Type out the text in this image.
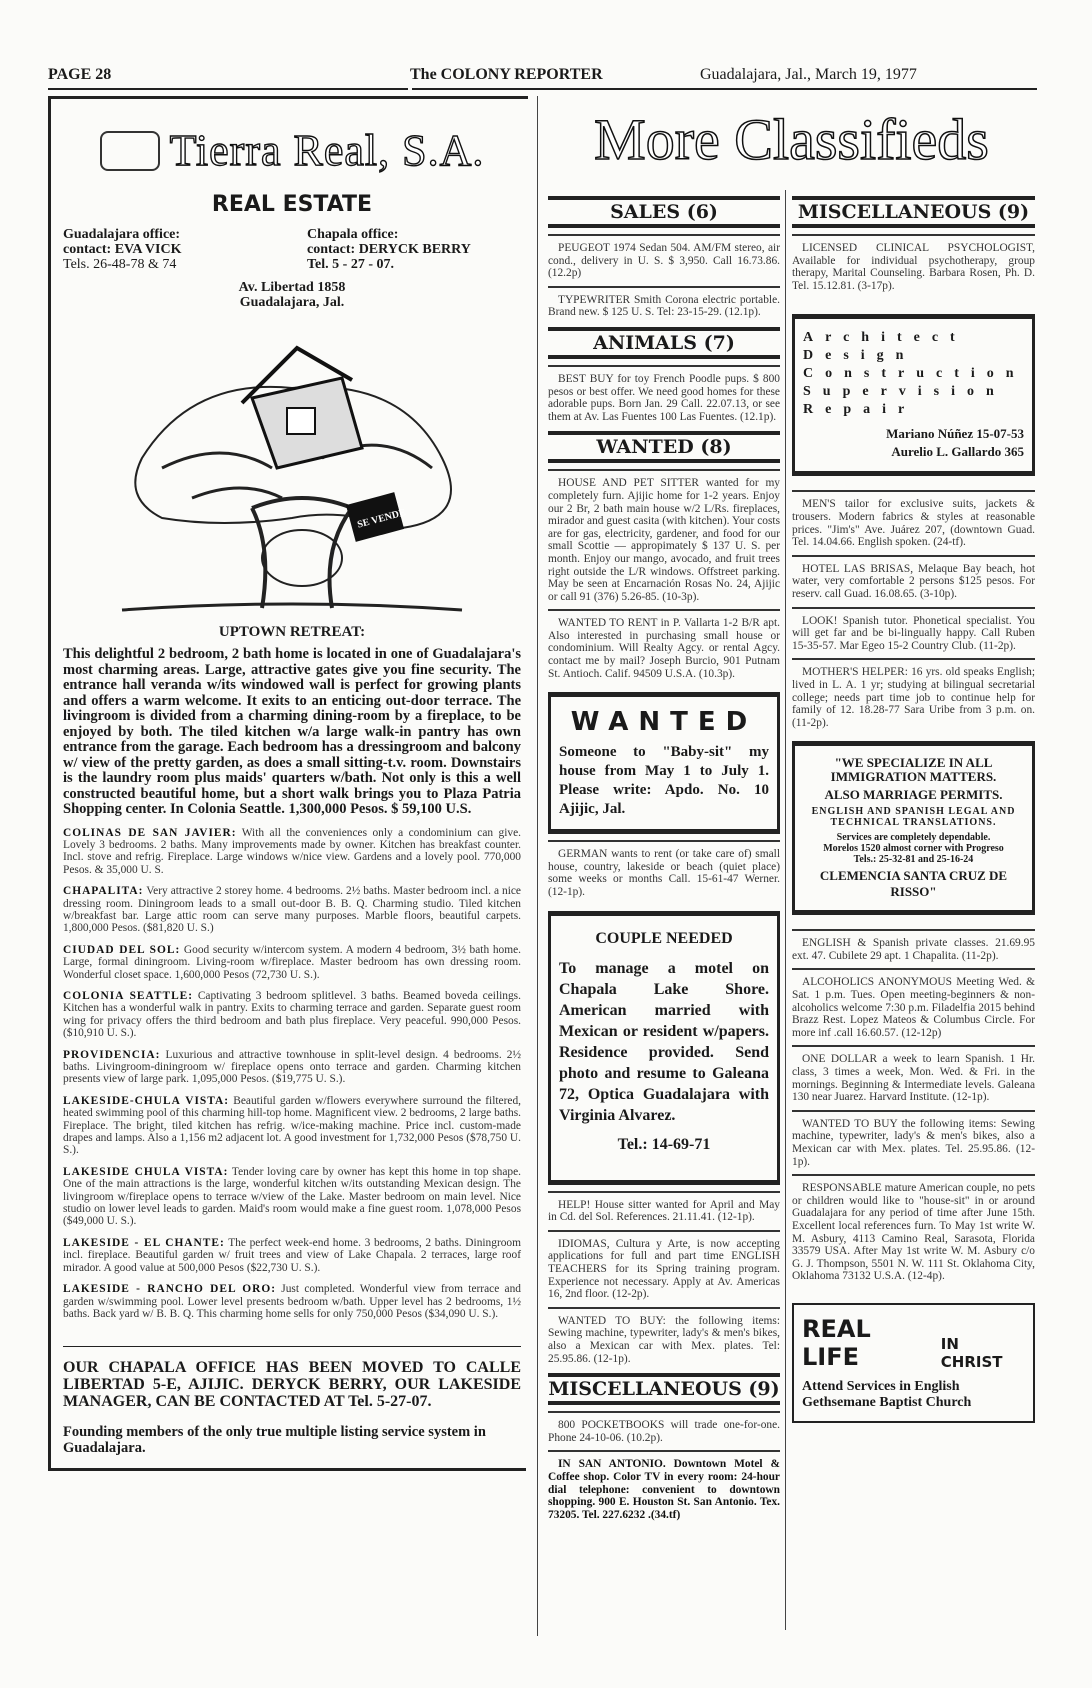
PAGE 28	The COLONY REPORTER	Guadalajara, Jal., March 19, 1977
Tierra Real, S.A.
REAL ESTATE
Guadalajara office:
contact: EVA VICK
Tels. 26-48-78 & 74
Chapala office:
contact: DERYCK BERRY
Tel. 5 - 27 - 07.
Av. Libertad 1858
Guadalajara, Jal.
SE VENDE
UPTOWN RETREAT:
This delightful 2 bedroom, 2 bath home is located in one of Guadalajara's most charming areas. Large, attractive gates give you fine security. The entrance hall veranda w/its windowed wall is perfect for growing plants and offers a warm welcome. It exits to an enticing out-door terrace. The livingroom is divided from a charming dining-room by a fireplace, to be enjoyed by both. The tiled kitchen w/a large walk-in pantry has own entrance from the garage. Each bedroom has a dressingroom and balcony w/ view of the pretty garden, as does a small sitting-t.v. room. Downstairs is the laundry room plus maids' quarters w/bath. Not only is this a well constructed beautiful home, but a short walk brings you to Plaza Patria Shopping center. In Colonia Seattle. 1,300,000 Pesos. $ 59,100 U.S.
COLINAS DE SAN JAVIER: With all the conveniences only a condominium can give. Lovely 3 bedrooms. 2 baths. Many improvements made by owner. Kitchen has breakfast counter. Incl. stove and refrig. Fireplace. Large windows w/nice view. Gardens and a lovely pool. 770,000 Pesos. & 35,000 U. S.
CHAPALITA: Very attractive 2 storey home. 4 bedrooms. 2½ baths. Master bedroom incl. a nice dressing room. Diningroom leads to a small out-door B. B. Q. Charming studio. Tiled kitchen w/breakfast bar. Large attic room can serve many purposes. Marble floors, beautiful carpets. 1,800,000 Pesos. ($81,820 U. S.)
CIUDAD DEL SOL: Good security w/intercom system. A modern 4 bedroom, 3½ bath home. Large, formal diningroom. Living-room w/fireplace. Master bedroom has own dressing room. Wonderful closet space. 1,600,000 Pesos (72,730 U. S.).
COLONIA SEATTLE: Captivating 3 bedroom splitlevel. 3 baths. Beamed boveda ceilings. Kitchen has a wonderful walk in pantry. Exits to charming terrace and garden. Separate guest room wing for privacy offers the third bedroom and bath plus fireplace. Very peaceful. 990,000 Pesos. ($10,910 U. S.).
PROVIDENCIA: Luxurious and attractive townhouse in split-level design. 4 bedrooms. 2½ baths. Livingroom-diningroom w/ fireplace opens onto terrace and garden. Charming kitchen presents view of large park. 1,095,000 Pesos. ($19,775 U. S.).
LAKESIDE-CHULA VISTA: Beautiful garden w/flowers everywhere surround the filtered, heated swimming pool of this charming hill-top home. Magnificent view. 2 bedrooms, 2 large baths. Fireplace. The bright, tiled kitchen has refrig. w/ice-making machine. Price incl. custom-made drapes and lamps. Also a 1,156 m2 adjacent lot. A good investment for 1,732,000 Pesos ($78,750 U. S.).
LAKESIDE CHULA VISTA: Tender loving care by owner has kept this home in top shape. One of the main attractions is the large, wonderful kitchen w/its outstanding Mexican design. The livingroom w/fireplace opens to terrace w/view of the Lake. Master bedroom on main level. Nice studio on lower level leads to garden. Maid's room would make a fine guest room. 1,078,000 Pesos ($49,000 U. S.).
LAKESIDE - EL CHANTE: The perfect week-end home. 3 bedrooms, 2 baths. Diningroom incl. fireplace. Beautiful garden w/ fruit trees and view of Lake Chapala. 2 terraces, large roof mirador. A good value at 500,000 Pesos ($22,730 U. S.).
LAKESIDE - RANCHO DEL ORO: Just completed. Wonderful view from terrace and garden w/swimming pool. Lower level presents bedroom w/bath. Upper level has 2 bedrooms, 1½ baths. Back yard w/ B. B. Q. This charming home sells for only 750,000 Pesos ($34,090 U. S.).
OUR CHAPALA OFFICE HAS BEEN MOVED TO CALLE LIBERTAD 5-E, AJIJIC. DERYCK BERRY, OUR LAKESIDE MANAGER, CAN BE CONTACTED AT Tel. 5-27-07.
Founding members of the only true multiple listing service system in Guadalajara.
More Classifieds
SALES (6)
PEUGEOT 1974 Sedan 504. AM/FM stereo, air cond., delivery in U. S. $ 3,950. Call 16.73.86. (12.2p)
TYPEWRITER Smith Corona electric portable. Brand new. $ 125 U. S. Tel: 23-15-29. (12.1p).
ANIMALS (7)
BEST BUY for toy French Poodle pups. $ 800 pesos or best offer. We need good homes for these adorable pups. Born Jan. 29 Call. 22.07.13, or see them at Av. Las Fuentes 100 Las Fuentes. (12.1p).
WANTED (8)
HOUSE AND PET SITTER wanted for my completely furn. Ajijic home for 1-2 years. Enjoy our 2 Br, 2 bath main house w/2 L/Rs. fireplaces, mirador and guest casita (with kitchen). Your costs are for gas, electricity, gardener, and food for our small Scottie — appropimately $ 137 U. S. per month. Enjoy our mango, avocado, and fruit trees right outside the L/R windows. Offstreet parking. May be seen at Encarnación Rosas No. 24, Ajijic or call 91 (376) 5.26-85. (10-3p).
WANTED TO RENT in P. Vallarta 1-2 B/R apt. Also interested in purchasing small house or condominium. Will Realty Agcy. or rental Agcy. contact me by mail? Joseph Burcio, 901 Putnam St. Antioch. Calif. 94509 U.S.A. (10.3p).
WANTED
Someone to "Baby-sit" my house from May 1 to July 1. Please write: Apdo. No. 10 Ajijic, Jal.
GERMAN wants to rent (or take care of) small house, country, lakeside or beach (quiet place) some weeks or months Call. 15-61-47 Werner. (12-1p).
COUPLE NEEDED
To manage a motel on Chapala Lake Shore. American married with Mexican or resident w/papers. Residence provided. Send photo and resume to Galeana 72, Optica Guadalajara with Virginia Alvarez.
Tel.: 14-69-71
HELP! House sitter wanted for April and May in Cd. del Sol. References. 21.11.41. (12-1p).
IDIOMAS, Cultura y Arte, is now accepting applications for full and part time ENGLISH TEACHERS for its Spring training program. Experience not necessary. Apply at Av. Americas 16, 2nd floor. (12-2p).
WANTED TO BUY: the following items: Sewing machine, typewriter, lady's & men's bikes, also a Mexican car with Mex. plates. Tel: 25.95.86. (12-1p).
MISCELLANEOUS (9)
800 POCKETBOOKS will trade one-for-one. Phone 24-10-06. (10.2p).
IN SAN ANTONIO. Downtown Motel & Coffee shop. Color TV in every room: 24-hour dial telephone: convenient to downtown shopping. 900 E. Houston St. San Antonio. Tex. 73205. Tel. 227.6232 .(34.tf)
MISCELLANEOUS (9)
LICENSED CLINICAL PSYCHOLOGIST, Available for individual psychotherapy, group therapy, Marital Counseling. Barbara Rosen, Ph. D. Tel. 15.12.81. (3-17p).
Architect
Design
Construction
Supervision
Repair
Mariano Núñez 15-07-53
Aurelio L. Gallardo 365
MEN'S tailor for exclusive suits, jackets & trousers. Modern fabrics & styles at reasonable prices. "Jim's" Ave. Juárez 207, (downtown Guad. Tel. 14.04.66. English spoken. (24-tf).
HOTEL LAS BRISAS, Melaque Bay beach, hot water, very comfortable 2 persons $125 pesos. For reserv. call Guad. 16.08.65. (3-10p).
LOOK! Spanish tutor. Phonetical specialist. You will get far and be bi-lingually happy. Call Ruben 15-35-57. Mar Egeo 15-2 Country Club. (11-2p).
MOTHER'S HELPER: 16 yrs. old speaks English; lived in L. A. 1 yr; studying at bilingual secretarial college; needs part time job to continue help for family of 12. 18.28-77 Sara Uribe from 3 p.m. on. (11-2p).
"WE SPECIALIZE IN ALL IMMIGRATION MATTERS.
ALSO MARRIAGE PERMITS.
ENGLISH AND SPANISH LEGAL AND TECHNICAL TRANSLATIONS.
Services are completely dependable.
Morelos 1520 almost corner with Progreso
Tels.: 25-32-81 and 25-16-24
CLEMENCIA SANTA CRUZ DE RISSO"
ENGLISH & Spanish private classes. 21.69.95 ext. 47. Cubilete 29 apt. 1 Chapalita. (11-2p).
ALCOHOLICS ANONYMOUS Meeting Wed. & Sat. 1 p.m. Tues. Open meeting-beginners & non-alcoholics welcome 7:30 p.m. Filadelfia 2015 behind Brazz Rest. Lopez Mateos & Columbus Circle. For more inf .call 16.60.57. (12-12p)
ONE DOLLAR a week to learn Spanish. 1 Hr. class, 3 times a week, Mon. Wed. & Fri. in the mornings. Beginning & Intermediate levels. Galeana 130 near Juarez. Harvard Institute. (12-1p).
WANTED TO BUY the following items: Sewing machine, typewriter, lady's & men's bikes, also a Mexican car with Mex. plates. Tel. 25.95.86. (12-1p).
RESPONSABLE mature American couple, no pets or children would like to "house-sit" in or around Guadalajara for any period of time after June 15th. Excellent local references furn. To May 1st write W. M. Asbury, 4113 Camino Real, Sarasota, Florida 33579 USA. After May 1st write W. M. Asbury c/o G. J. Thompson, 5501 N. W. 111 St. Oklahoma City, Oklahoma 73132 U.S.A. (12-4p).
REAL LIFE	IN CHRIST
Attend Services in English
Gethsemane Baptist Church
